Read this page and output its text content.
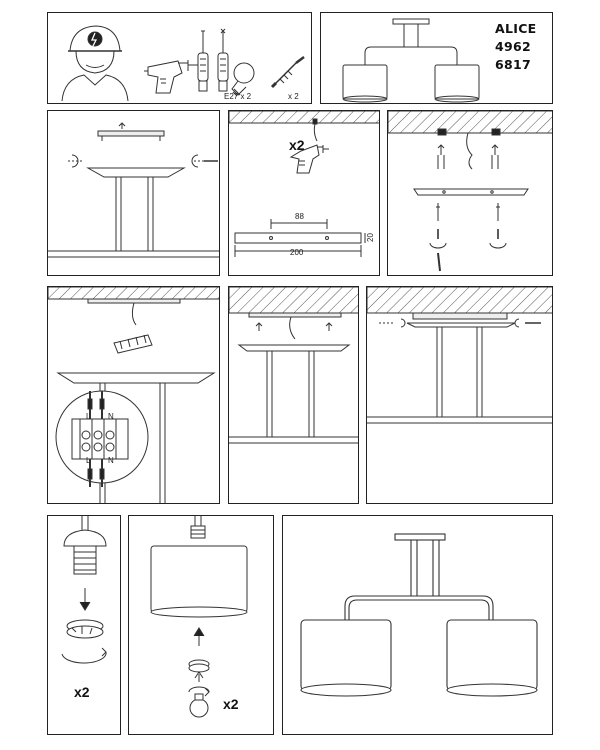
E27 x 2	x 2
ALICE
4962
6817
x2
88
200
20
L N
L N
x2
x2
